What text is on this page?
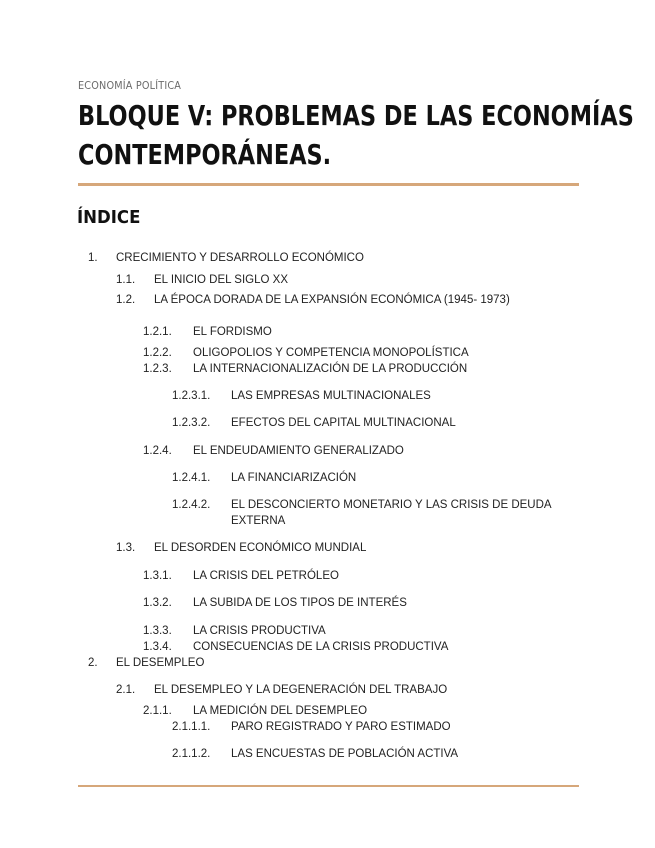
ECONOMÍA POLÍTICA
BLOQUE V: PROBLEMAS DE LAS ECONOMÍAS
CONTEMPORÁNEAS.
ÍNDICE
1. CRECIMIENTO Y DESARROLLO ECONÓMICO
1.1. EL INICIO DEL SIGLO XX
1.2. LA ÉPOCA DORADA DE LA EXPANSIÓN ECONÓMICA (1945- 1973)
1.2.1. EL FORDISMO
1.2.2. OLIGOPOLIOS Y COMPETENCIA MONOPOLÍSTICA
1.2.3. LA INTERNACIONALIZACIÓN DE LA PRODUCCIÓN
1.2.3.1. LAS EMPRESAS MULTINACIONALES
1.2.3.2. EFECTOS DEL CAPITAL MULTINACIONAL
1.2.4. EL ENDEUDAMIENTO GENERALIZADO
1.2.4.1. LA FINANCIARIZACIÓN
1.2.4.2. EL DESCONCIERTO MONETARIO Y LAS CRISIS DE DEUDA EXTERNA
1.3. EL DESORDEN ECONÓMICO MUNDIAL
1.3.1. LA CRISIS DEL PETRÓLEO
1.3.2. LA SUBIDA DE LOS TIPOS DE INTERÉS
1.3.3. LA CRISIS PRODUCTIVA
1.3.4. CONSECUENCIAS DE LA CRISIS PRODUCTIVA
2. EL DESEMPLEO
2.1. EL DESEMPLEO Y LA DEGENERACIÓN DEL TRABAJO
2.1.1. LA MEDICIÓN DEL DESEMPLEO
2.1.1.1. PARO REGISTRADO Y PARO ESTIMADO
2.1.1.2. LAS ENCUESTAS DE POBLACIÓN ACTIVA
